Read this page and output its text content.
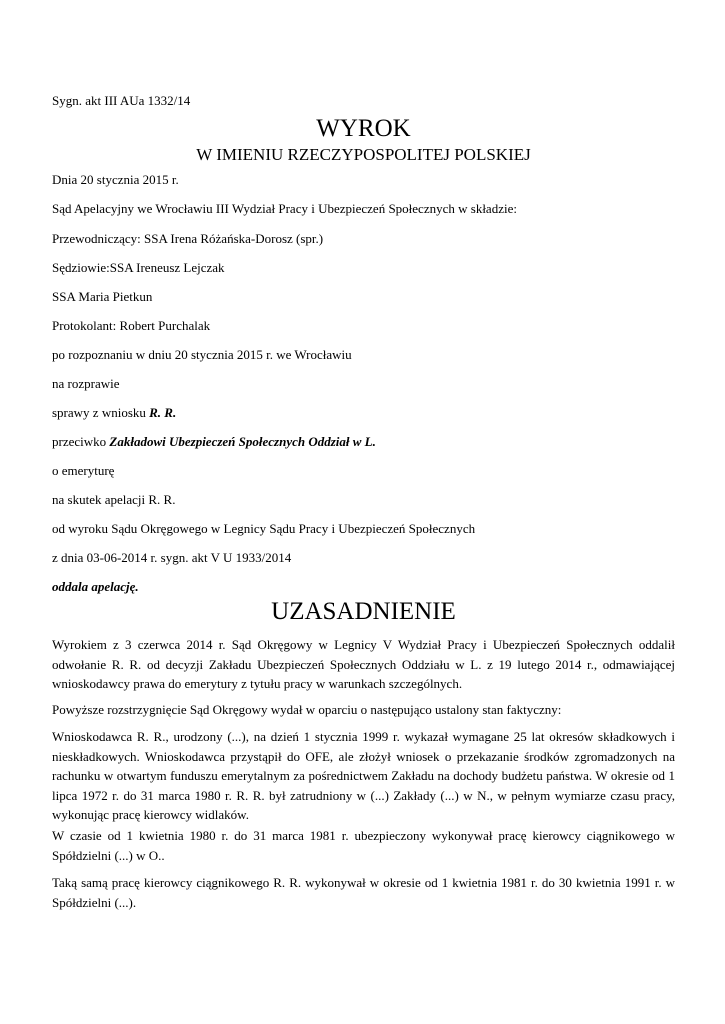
Sygn. akt III AUa 1332/14
WYROK
W IMIENIU RZECZYPOSPOLITEJ POLSKIEJ
Dnia 20 stycznia 2015 r.
Sąd Apelacyjny we Wrocławiu III Wydział Pracy i Ubezpieczeń Społecznych w składzie:
Przewodniczący: SSA Irena Różańska-Dorosz (spr.)
Sędziowie:SSA Ireneusz Lejczak
SSA Maria Pietkun
Protokolant: Robert Purchalak
po rozpoznaniu w dniu 20 stycznia 2015 r. we Wrocławiu
na rozprawie
sprawy z wniosku R. R.
przeciwko Zakładowi Ubezpieczeń Społecznych Oddział w L.
o emeryturę
na skutek apelacji R. R.
od wyroku Sądu Okręgowego w Legnicy Sądu Pracy i Ubezpieczeń Społecznych
z dnia 03-06-2014 r. sygn. akt V U 1933/2014
oddala apelację.
UZASADNIENIE
Wyrokiem z 3 czerwca 2014 r. Sąd Okręgowy w Legnicy V Wydział Pracy i Ubezpieczeń Społecznych oddalił odwołanie R. R. od decyzji Zakładu Ubezpieczeń Społecznych Oddziału w L. z 19 lutego 2014 r., odmawiającej wnioskodawcy prawa do emerytury z tytułu pracy w warunkach szczególnych.
Powyższe rozstrzygnięcie Sąd Okręgowy wydał w oparciu o następująco ustalony stan faktyczny:
Wnioskodawca R. R., urodzony (...), na dzień 1 stycznia 1999 r. wykazał wymagane 25 lat okresów składkowych i nieskładkowych. Wnioskodawca przystąpił do OFE, ale złożył wniosek o przekazanie środków zgromadzonych na rachunku w otwartym funduszu emerytalnym za pośrednictwem Zakładu na dochody budżetu państwa. W okresie od 1 lipca 1972 r. do 31 marca 1980 r. R. R. był zatrudniony w (...) Zakłady (...) w N., w pełnym wymiarze czasu pracy, wykonując pracę kierowcy widlaków.
W czasie od 1 kwietnia 1980 r. do 31 marca 1981 r. ubezpieczony wykonywał pracę kierowcy ciągnikowego w Spółdzielni (...) w O..
Taką samą pracę kierowcy ciągnikowego R. R. wykonywał w okresie od 1 kwietnia 1981 r. do 30 kwietnia 1991 r. w Spółdzielni (...).
